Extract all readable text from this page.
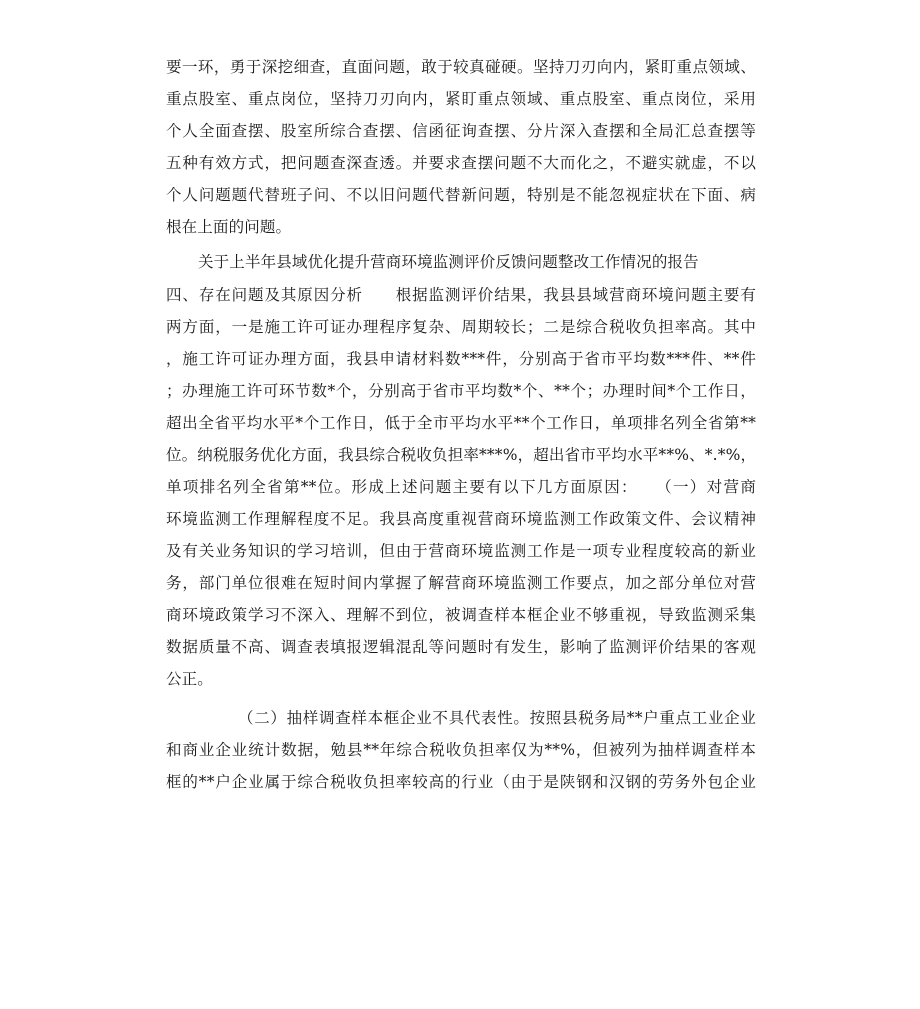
要一环，勇于深挖细查，直面问题，敢于较真碰硬。坚持刀刃向内，紧盯重点领域、
重点股室、重点岗位，坚持刀刃向内，紧盯重点领域、重点股室、重点岗位，采用
个人全面查摆、股室所综合查摆、信函征询查摆、分片深入查摆和全局汇总查摆等
五种有效方式，把问题查深查透。并要求查摆问题不大而化之，不避实就虚，不以
个人问题题代替班子问、不以旧问题代替新问题，特别是不能忽视症状在下面、病
根在上面的问题。
关于上半年县域优化提升营商环境监测评价反馈问题整改工作情况的报告
四、存在问题及其原因分析　　根据监测评价结果，我县县域营商环境问题主要有
两方面，一是施工许可证办理程序复杂、周期较长；二是综合税收负担率高。其中
，施工许可证办理方面，我县申请材料数***件，分别高于省市平均数***件、**件
；办理施工许可环节数*个，分别高于省市平均数*个、**个；办理时间*个工作日，
超出全省平均水平*个工作日，低于全市平均水平**个工作日，单项排名列全省第**
位。纳税服务优化方面，我县综合税收负担率***%，超出省市平均水平**%、*.*%，
单项排名列全省第**位。形成上述问题主要有以下几方面原因：　　（一）对营商
环境监测工作理解程度不足。我县高度重视营商环境监测工作政策文件、会议精神
及有关业务知识的学习培训，但由于营商环境监测工作是一项专业程度较高的新业
务，部门单位很难在短时间内掌握了解营商环境监测工作要点，加之部分单位对营
商环境政策学习不深入、理解不到位，被调查样本框企业不够重视，导致监测采集
数据质量不高、调查表填报逻辑混乱等问题时有发生，影响了监测评价结果的客观
公正。
（二）抽样调查样本框企业不具代表性。按照县税务局**户重点工业企业
和商业企业统计数据，勉县**年综合税收负担率仅为**%，但被列为抽样调查样本
框的**户企业属于综合税收负担率较高的行业（由于是陕钢和汉钢的劳务外包企业
